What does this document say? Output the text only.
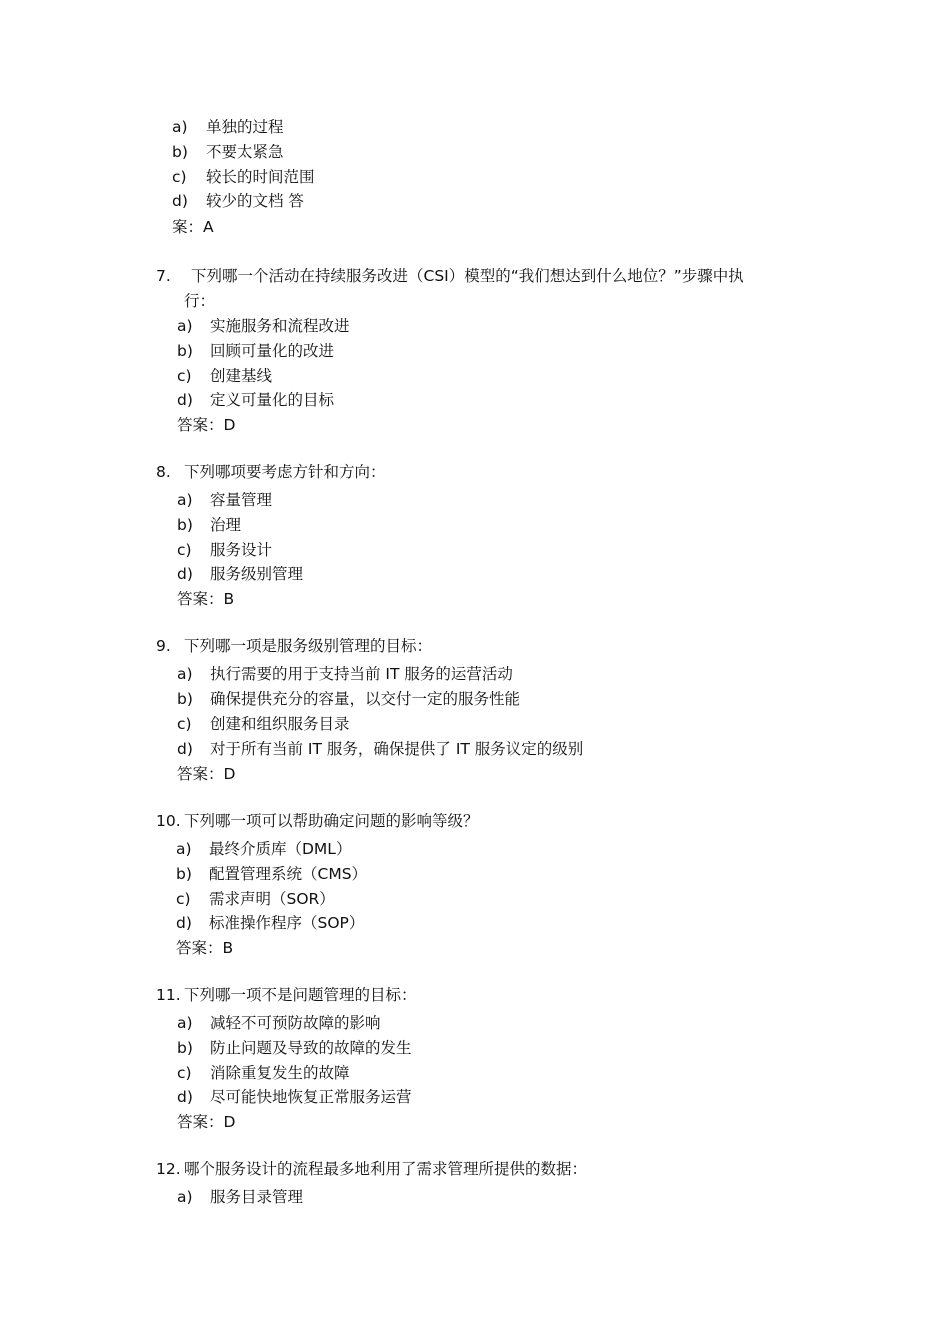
a) 单独的过程
b) 不要太紧急
c) 较长的时间范围
d) 较少的文档 答
案：A
7. 下列哪一个活动在持续服务改进（CSI）模型的“我们想达到什么地位？”步骤中执
行：
a) 实施服务和流程改进
b) 回顾可量化的改进
c) 创建基线
d) 定义可量化的目标
答案：D
8. 下列哪项要考虑方针和方向：
a) 容量管理
b) 治理
c) 服务设计
d) 服务级别管理
答案：B
9. 下列哪一项是服务级别管理的目标：
a) 执行需要的用于支持当前 IT 服务的运营活动
b) 确保提供充分的容量，以交付一定的服务性能
c) 创建和组织服务目录
d) 对于所有当前 IT 服务，确保提供了 IT 服务议定的级别
答案：D
10. 下列哪一项可以帮助确定问题的影响等级？
a) 最终介质库（DML）
b) 配置管理系统（CMS）
c) 需求声明（SOR）
d) 标准操作程序（SOP）
答案：B
11. 下列哪一项不是问题管理的目标：
a) 减轻不可预防故障的影响
b) 防止问题及导致的故障的发生
c) 消除重复发生的故障
d) 尽可能快地恢复正常服务运营
答案：D
12. 哪个服务设计的流程最多地利用了需求管理所提供的数据：
a) 服务目录管理
